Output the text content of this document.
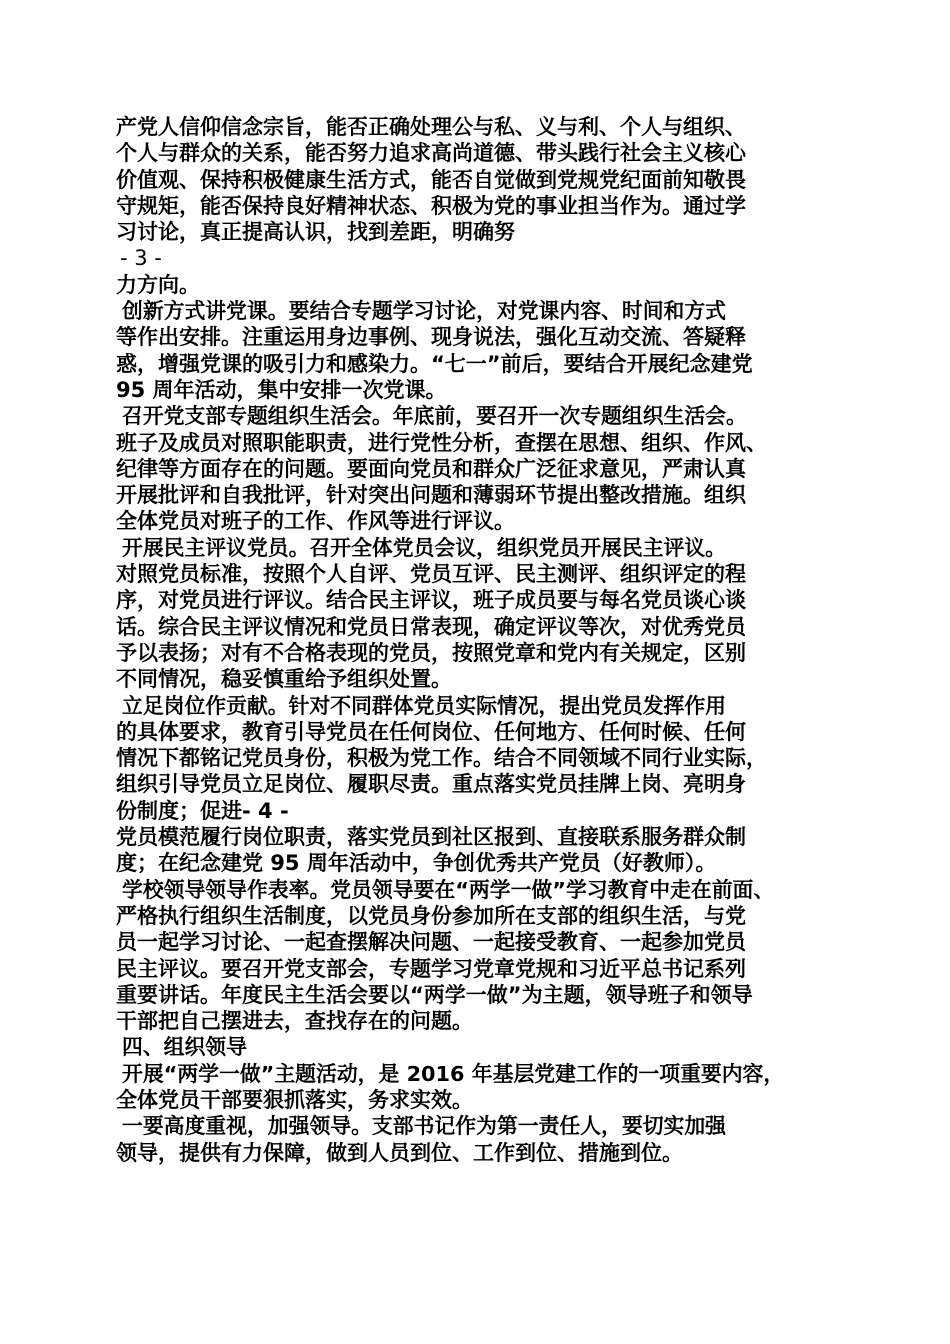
产党人信仰信念宗旨，能否正确处理公与私、义与利、个人与组织、
个人与群众的关系，能否努力追求高尚道德、带头践行社会主义核心
价值观、保持积极健康生活方式，能否自觉做到党规党纪面前知敬畏
守规矩，能否保持良好精神状态、积极为党的事业担当作为。通过学
习讨论，真正提高认识，找到差距，明确努
- 3 -
力方向。
创新方式讲党课。要结合专题学习讨论，对党课内容、时间和方式
等作出安排。注重运用身边事例、现身说法，强化互动交流、答疑释
惑，增强党课的吸引力和感染力。“七一”前后，要结合开展纪念建党
95 周年活动，集中安排一次党课。
召开党支部专题组织生活会。年底前，要召开一次专题组织生活会。
班子及成员对照职能职责，进行党性分析，查摆在思想、组织、作风、
纪律等方面存在的问题。要面向党员和群众广泛征求意见，严肃认真
开展批评和自我批评，针对突出问题和薄弱环节提出整改措施。组织
全体党员对班子的工作、作风等进行评议。
开展民主评议党员。召开全体党员会议，组织党员开展民主评议。
对照党员标准，按照个人自评、党员互评、民主测评、组织评定的程
序，对党员进行评议。结合民主评议，班子成员要与每名党员谈心谈
话。综合民主评议情况和党员日常表现，确定评议等次，对优秀党员
予以表扬；对有不合格表现的党员，按照党章和党内有关规定，区别
不同情况，稳妥慎重给予组织处置。
立足岗位作贡献。针对不同群体党员实际情况，提出党员发挥作用
的具体要求，教育引导党员在任何岗位、任何地方、任何时候、任何
情况下都铭记党员身份，积极为党工作。结合不同领域不同行业实际，
组织引导党员立足岗位、履职尽责。重点落实党员挂牌上岗、亮明身
份制度；促进- 4 -
党员模范履行岗位职责，落实党员到社区报到、直接联系服务群众制
度；在纪念建党 95 周年活动中，争创优秀共产党员（好教师）。
学校领导领导作表率。党员领导要在“两学一做”学习教育中走在前面、
严格执行组织生活制度，以党员身份参加所在支部的组织生活，与党
员一起学习讨论、一起查摆解决问题、一起接受教育、一起参加党员
民主评议。要召开党支部会，专题学习党章党规和习近平总书记系列
重要讲话。年度民主生活会要以“两学一做”为主题，领导班子和领导
干部把自己摆进去，查找存在的问题。
四、组织领导
开展“两学一做”主题活动，是 2016 年基层党建工作的一项重要内容，
全体党员干部要狠抓落实，务求实效。
一要高度重视，加强领导。支部书记作为第一责任人，要切实加强
领导，提供有力保障，做到人员到位、工作到位、措施到位。
